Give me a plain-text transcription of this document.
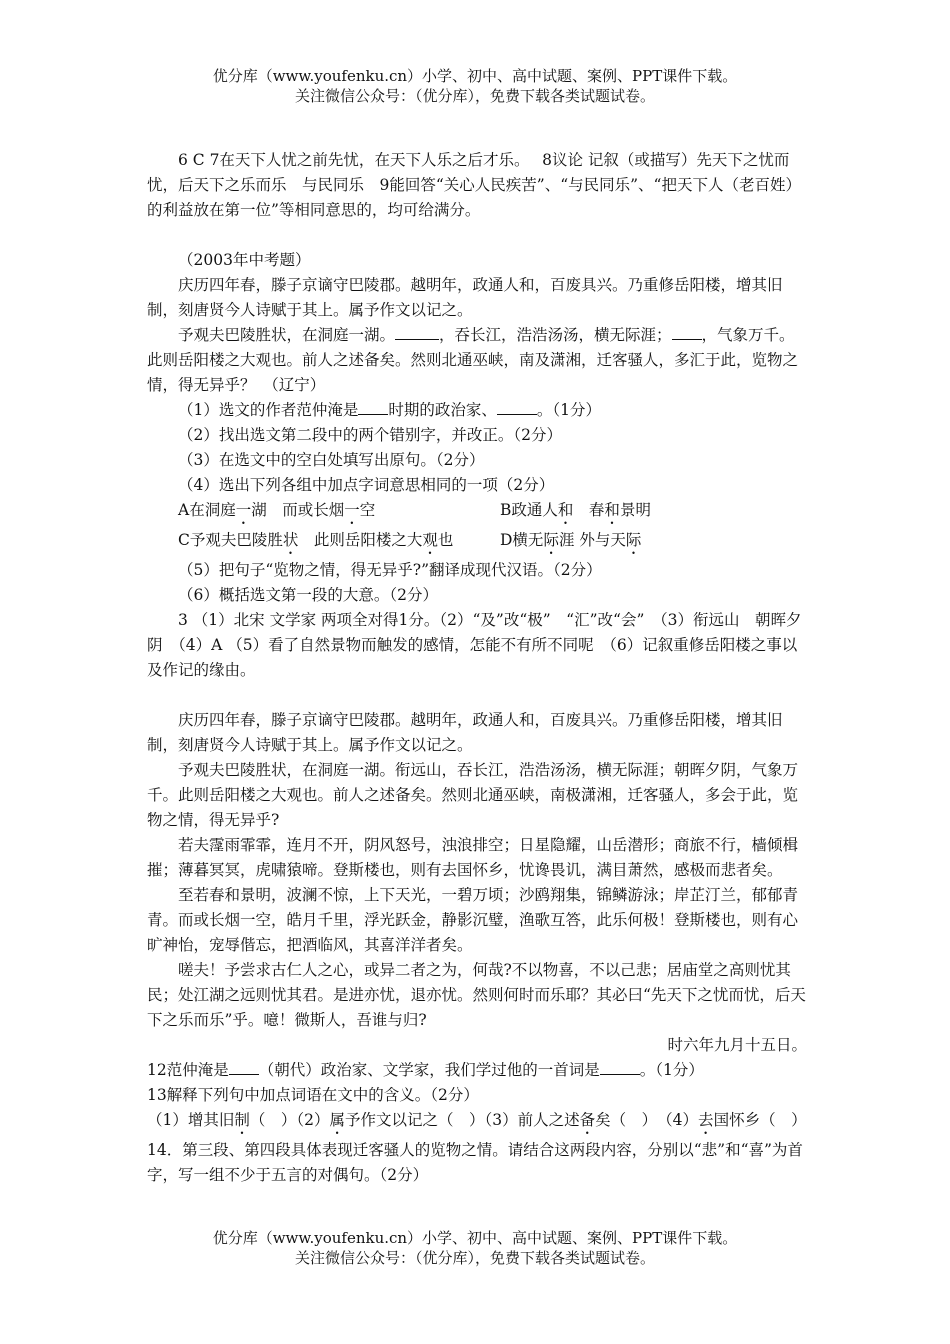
优分库（www.youfenku.cn）小学、初中、高中试题、案例、PPT课件下载。
关注微信公众号：（优分库），免费下载各类试题试卷。

6 C 7在天下人忧之前先忧，在天下人乐之后才乐。　 8议论 记叙（或描写）先天下之忧而忧，后天下之乐而乐　与民同乐　9能回答“关心人民疾苦”、“与民同乐”、“把天下人（老百姓）的利益放在第一位”等相同意思的，均可给满分。

（2003年中考题）

庆历四年春，滕子京谪守巴陵郡。越明年，政通人和，百废具兴。乃重修岳阳楼，增其旧制，刻唐贤今人诗赋于其上。属予作文以记之。

予观夫巴陵胜状，在洞庭一湖。	，吞长江，浩浩汤汤，横无际涯； ，气象万千。此则岳阳楼之大观也。前人之述备矣。然则北通巫峡，南及潇湘，迁客骚人，多汇于此，览物之情，得无异乎？　（辽宁）

（1）选文的作者范仲淹是 时期的政治家、	。（1分）

（2）找出选文第二段中的两个错别字，并改正。（2分）

（3）在选文中的空白处填写出原句。（2分）

（4）选出下列各组中加点字词意思相同的一项（2分）

A在洞庭一湖　而或长烟一空	B政通人和　春和景明
C予观夫巴陵胜状　此则岳阳楼之大观也	D横无际涯 外与天际

（5）把句子“览物之情，得无异乎?”翻译成现代汉语。（2分）

（6）概括选文第一段的大意。（2分）

3 （1）北宋 文学家 两项全对得1分。（2）“及”改“极”　“汇”改“会”　（3）衔远山　朝晖夕阴　（4）A （5）看了自然景物而触发的感情，怎能不有所不同呢　（6）记叙重修岳阳楼之事以及作记的缘由。

庆历四年春，滕子京谪守巴陵郡。越明年，政通人和，百废具兴。乃重修岳阳楼，增其旧制，刻唐贤今人诗赋于其上。属予作文以记之。

予观夫巴陵胜状，在洞庭一湖。衔远山，吞长江，浩浩汤汤，横无际涯；朝晖夕阴，气象万千。此则岳阳楼之大观也。前人之述备矣。然则北通巫峡，南极潇湘，迁客骚人，多会于此，览物之情，得无异乎?

若夫霪雨霏霏，连月不开，阴风怒号，浊浪排空；日星隐耀，山岳潜形；商旅不行，樯倾楫摧；薄暮冥冥，虎啸猿啼。登斯楼也，则有去国怀乡，忧谗畏讥，满目萧然，感极而悲者矣。

至若春和景明，波澜不惊，上下天光，一碧万顷；沙鸥翔集，锦鳞游泳；岸芷汀兰，郁郁青青。而或长烟一空，皓月千里，浮光跃金，静影沉璧，渔歌互答，此乐何极！登斯楼也，则有心旷神怡，宠辱偕忘，把酒临风，其喜洋洋者矣。

嗟夫！予尝求古仁人之心，或异二者之为，何哉?不以物喜，不以己悲；居庙堂之高则忧其民；处江湖之远则忧其君。是进亦忧，退亦忧。然则何时而乐耶？其必曰“先天下之忧而忧，后天下之乐而乐”乎。噫！微斯人，吾谁与归?

时六年九月十五日。

12范仲淹是 （朝代）政治家、文学家，我们学过他的一首词是	。（1分）

13解释下列句中加点词语在文中的含义。（2分）

（1）增其旧制（　）（2）属予作文以记之（　）（3）前人之述备矣（　）　（4）去国怀乡（　）

14．第三段、第四段具体表现迁客骚人的览物之情。请结合这两段内容，分别以“悲”和“喜”为首字，写一组不少于五言的对偶句。（2分）

优分库（www.youfenku.cn）小学、初中、高中试题、案例、PPT课件下载。
关注微信公众号：（优分库），免费下载各类试题试卷。
